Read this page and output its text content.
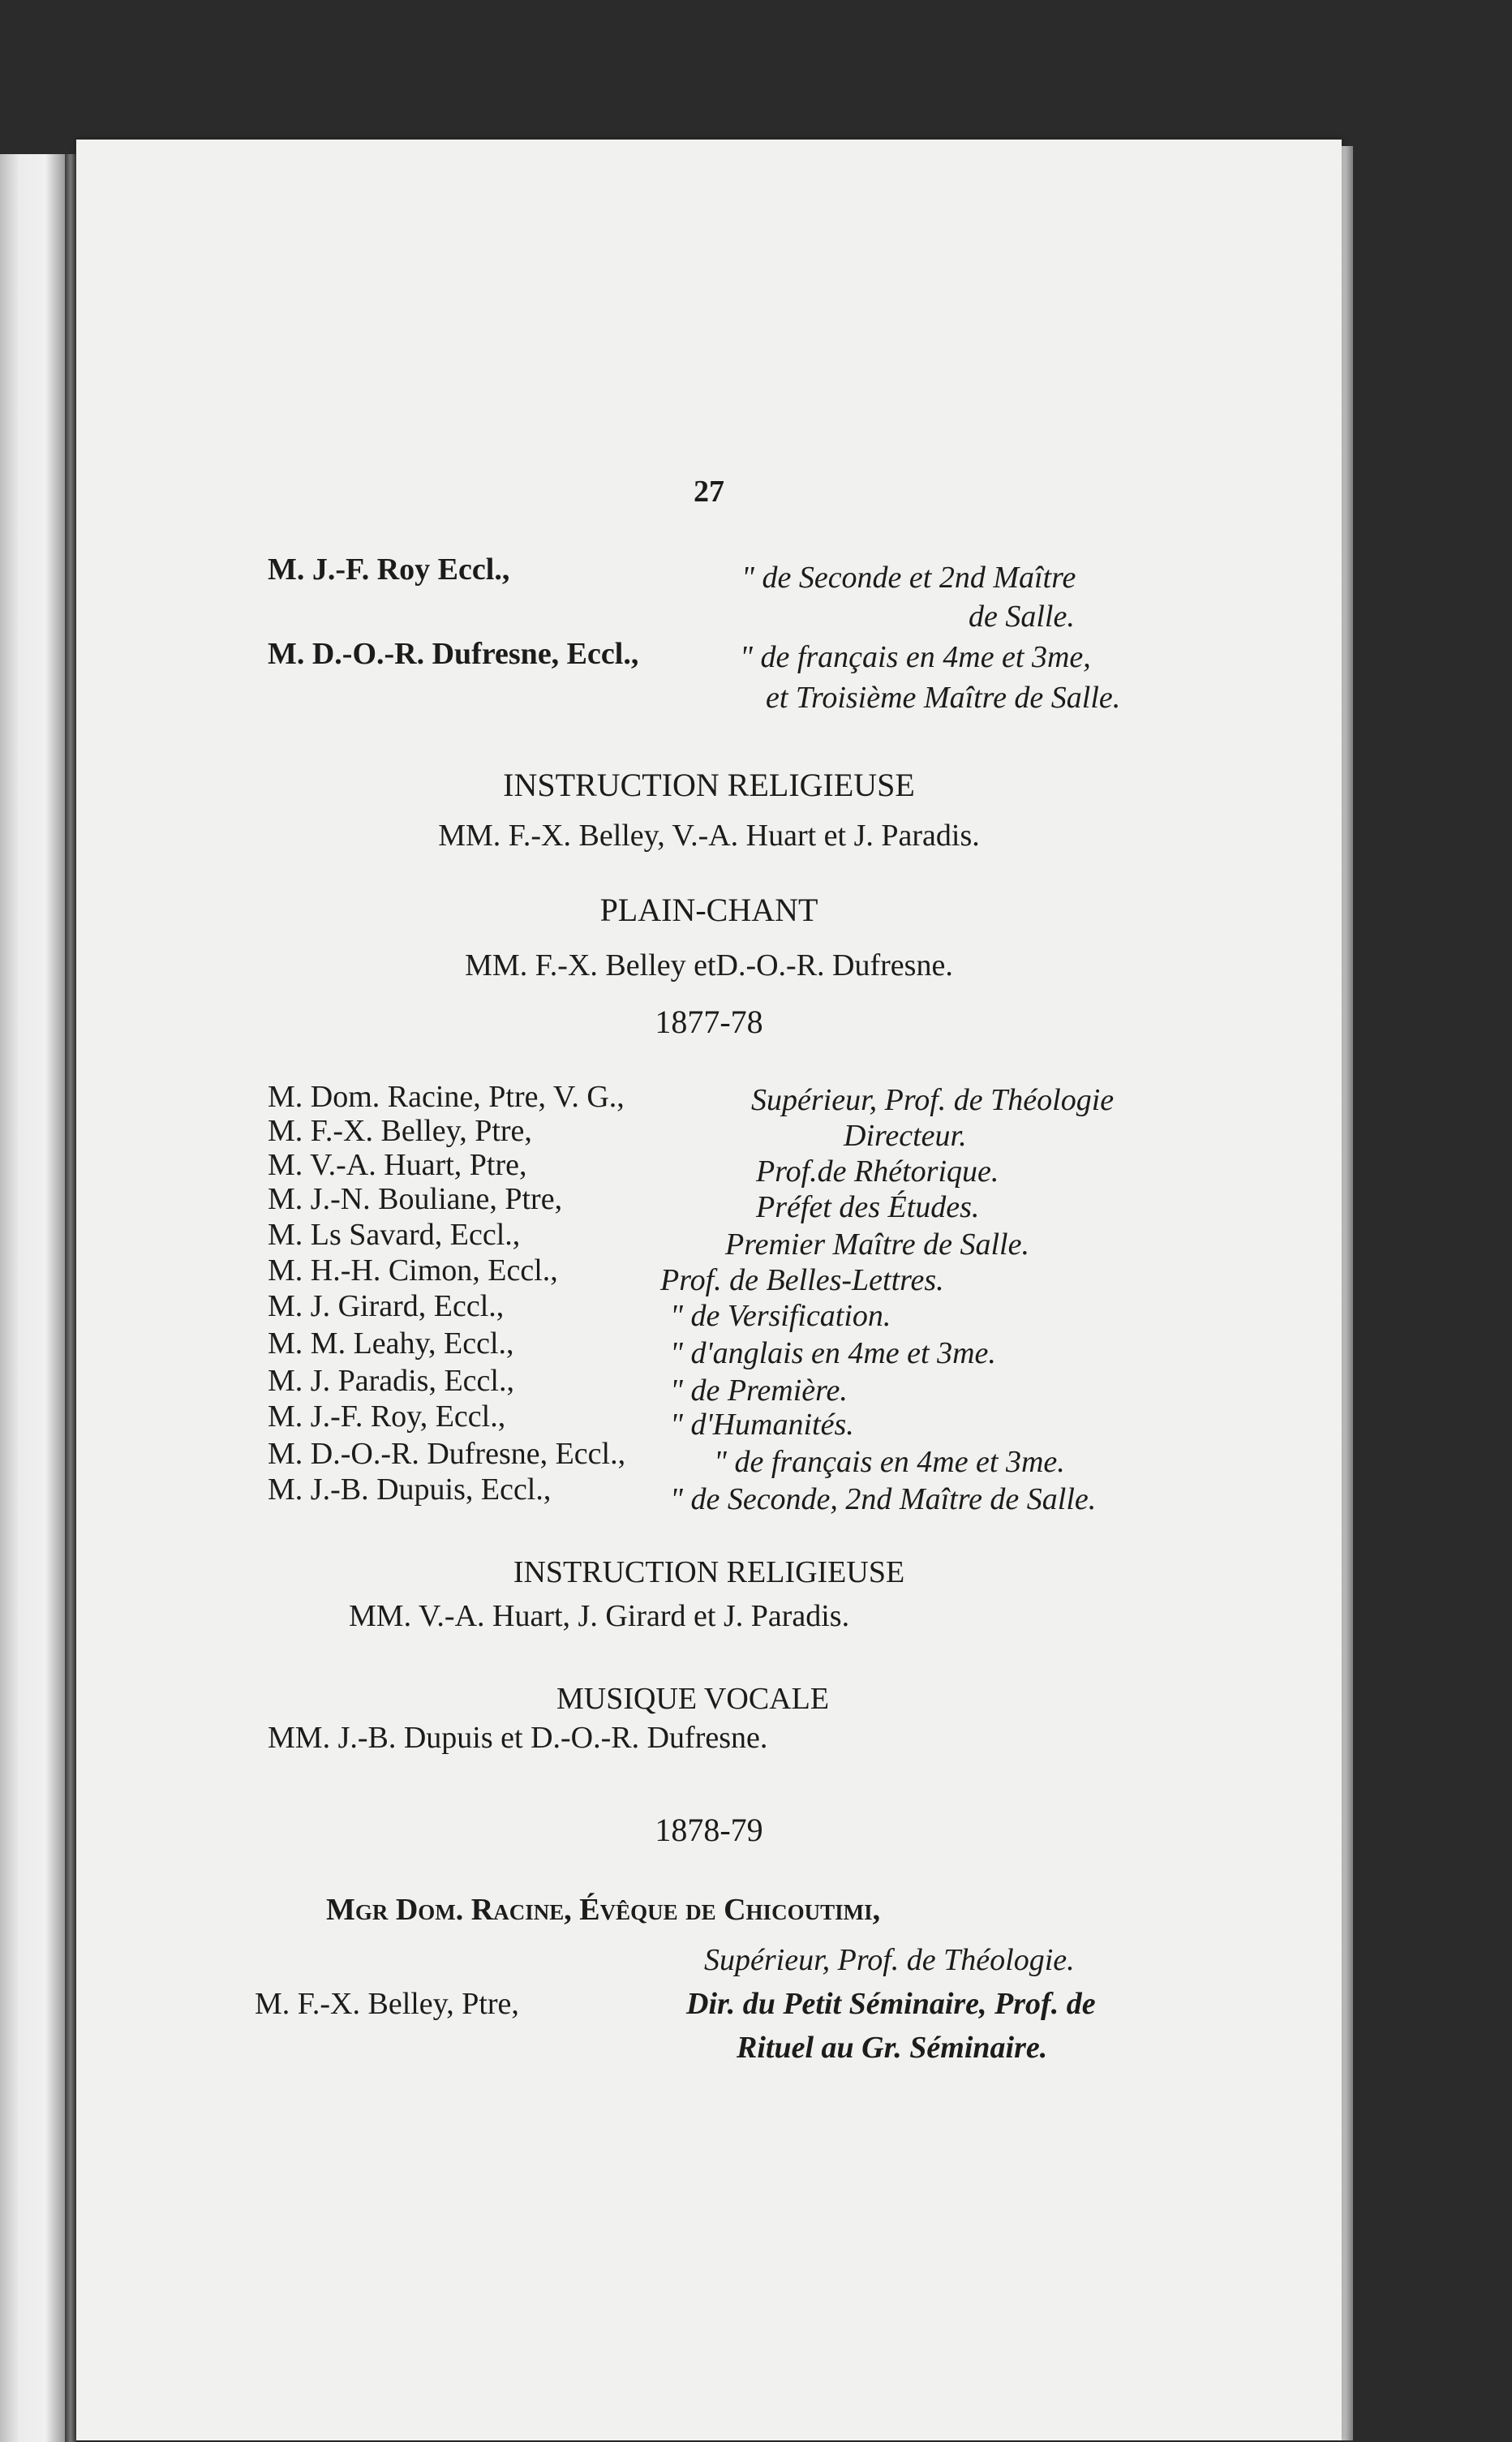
27
M. J.-F. Roy Eccl.,	" de Seconde et 2nd Maître
de Salle.
M. D.-O.-R. Dufresne, Eccl.,	" de français en 4me et 3me,
et Troisième Maître de Salle.
INSTRUCTION RELIGIEUSE
MM. F.-X. Belley, V.-A. Huart et J. Paradis.
PLAIN-CHANT
MM. F.-X. Belley etD.-O.-R. Dufresne.
1877-78
M. Dom. Racine, Ptre, V. G.,	Supérieur, Prof. de Théologie
M. F.-X. Belley, Ptre,	Directeur.
M. V.-A. Huart, Ptre,	Prof.de Rhétorique.
M. J.-N. Bouliane, Ptre,	Préfet des Études.
M. Ls Savard, Eccl.,	Premier Maître de Salle.
M. H.-H. Cimon, Eccl.,	Prof. de Belles-Lettres.
M. J. Girard, Eccl.,	" de Versification.
M. M. Leahy, Eccl.,	" d'anglais en 4me et 3me.
M. J. Paradis, Eccl.,	" de Première.
M. J.-F. Roy, Eccl.,	" d'Humanités.
M. D.-O.-R. Dufresne, Eccl.,	" de français en 4me et 3me.
M. J.-B. Dupuis, Eccl.,	" de Seconde, 2nd Maître de Salle.
INSTRUCTION RELIGIEUSE
MM. V.-A. Huart, J. Girard et J. Paradis.
MUSIQUE VOCALE
MM. J.-B. Dupuis et D.-O.-R. Dufresne.
1878-79
Mgr Dom. Racine, Évêque de Chicoutimi,
Supérieur, Prof. de Théologie.
M. F.-X. Belley, Ptre,	Dir. du Petit Séminaire, Prof. de
Rituel au Gr. Séminaire.
